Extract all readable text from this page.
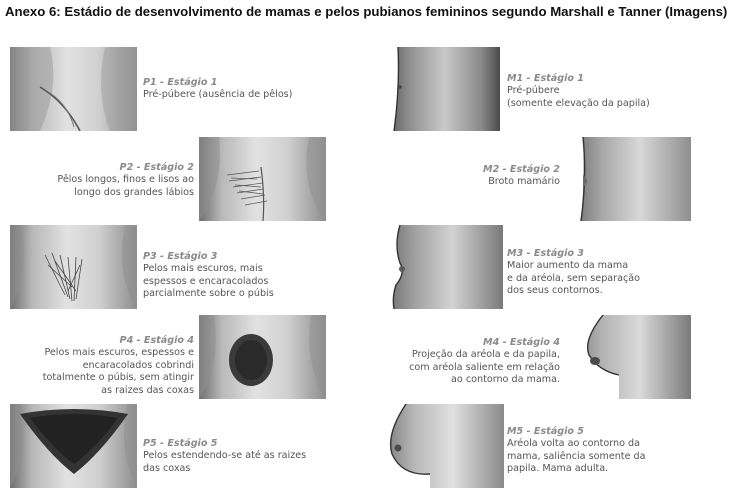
Anexo 6: Estádio de desenvolvimento de mamas e pelos pubianos femininos segundo Marshall e Tanner (Imagens)
P1 - Estágio 1
Pré-púbere (ausência de pêlos)
P2 - Estágio 2
Pêlos longos, finos e lisos ao
longo dos grandes lábios
P3 - Estágio 3
Pelos mais escuros, mais
espessos e encaracolados
parcialmente sobre o púbis
P4 - Estágio 4
Pelos mais escuros, espessos e
encaracolados cobrindi
totalmente o púbis, sem atingir
as raizes das coxas
P5 - Estágio 5
Pelos estendendo-se até as raizes
das coxas
M1 - Estágio 1
Pré-púbere
(somente elevação da papila)
M2 - Estágio 2
Broto mamário
M3 - Estágio 3
Maior aumento da mama
e da aréola, sem separação
dos seus contornos.
M4 - Estágio 4
Projeção da aréola e da papila,
com aréola saliente em relação
ao contorno da mama.
M5 - Estágio 5
Aréola volta ao contorno da
mama, saliência somente da
papila. Mama adulta.
